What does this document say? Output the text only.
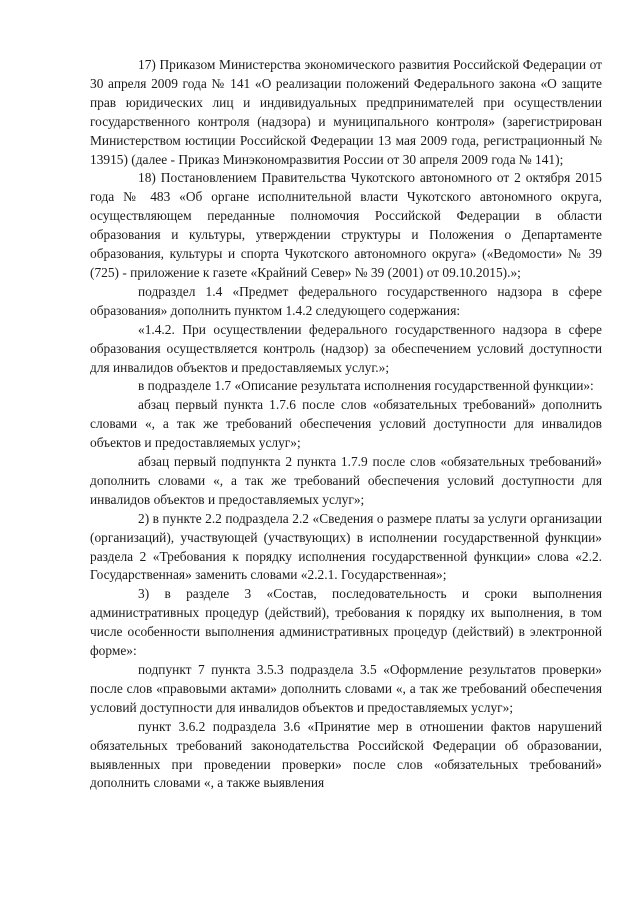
17) Приказом Министерства экономического развития Российской Федерации от 30 апреля 2009 года № 141 «О реализации положений Федерального закона «О защите прав юридических лиц и индивидуальных предпринимателей при осуществлении государственного контроля (надзора) и муниципального контроля» (зарегистрирован Министерством юстиции Российской Федерации 13 мая 2009 года, регистрационный № 13915) (далее - Приказ Минэкономразвития России от 30 апреля 2009 года № 141);

18) Постановлением Правительства Чукотского автономного от 2 октября 2015 года № 483 «Об органе исполнительной власти Чукотского автономного округа, осуществляющем переданные полномочия Российской Федерации в области образования и культуры, утверждении структуры и Положения о Департаменте образования, культуры и спорта Чукотского автономного округа» («Ведомости» № 39 (725) - приложение к газете «Крайний Север» № 39 (2001) от 09.10.2015).»;

подраздел 1.4 «Предмет федерального государственного надзора в сфере образования» дополнить пунктом 1.4.2 следующего содержания:

«1.4.2. При осуществлении федерального государственного надзора в сфере образования осуществляется контроль (надзор) за обеспечением условий доступности для инвалидов объектов и предоставляемых услуг.»;

в подразделе 1.7 «Описание результата исполнения государственной функции»:

абзац первый пункта 1.7.6 после слов «обязательных требований» дополнить словами «, а так же требований обеспечения условий доступности для инвалидов объектов и предоставляемых услуг»;

абзац первый подпункта 2 пункта 1.7.9 после слов «обязательных требований» дополнить словами «, а так же требований обеспечения условий доступности для инвалидов объектов и предоставляемых услуг»;

2) в пункте 2.2 подраздела 2.2 «Сведения о размере платы за услуги организации (организаций), участвующей (участвующих) в исполнении государственной функции» раздела 2 «Требования к порядку исполнения государственной функции» слова «2.2. Государственная» заменить словами «2.2.1. Государственная»;

3) в разделе 3 «Состав, последовательность и сроки выполнения административных процедур (действий), требования к порядку их выполнения, в том числе особенности выполнения административных процедур (действий) в электронной форме»:

подпункт 7 пункта 3.5.3 подраздела 3.5 «Оформление результатов проверки» после слов «правовыми актами» дополнить словами «, а так же требований обеспечения условий доступности для инвалидов объектов и предоставляемых услуг»;

пункт 3.6.2 подраздела 3.6 «Принятие мер в отношении фактов нарушений обязательных требований законодательства Российской Федерации об образовании, выявленных при проведении проверки» после слов «обязательных требований» дополнить словами «, а также выявления
